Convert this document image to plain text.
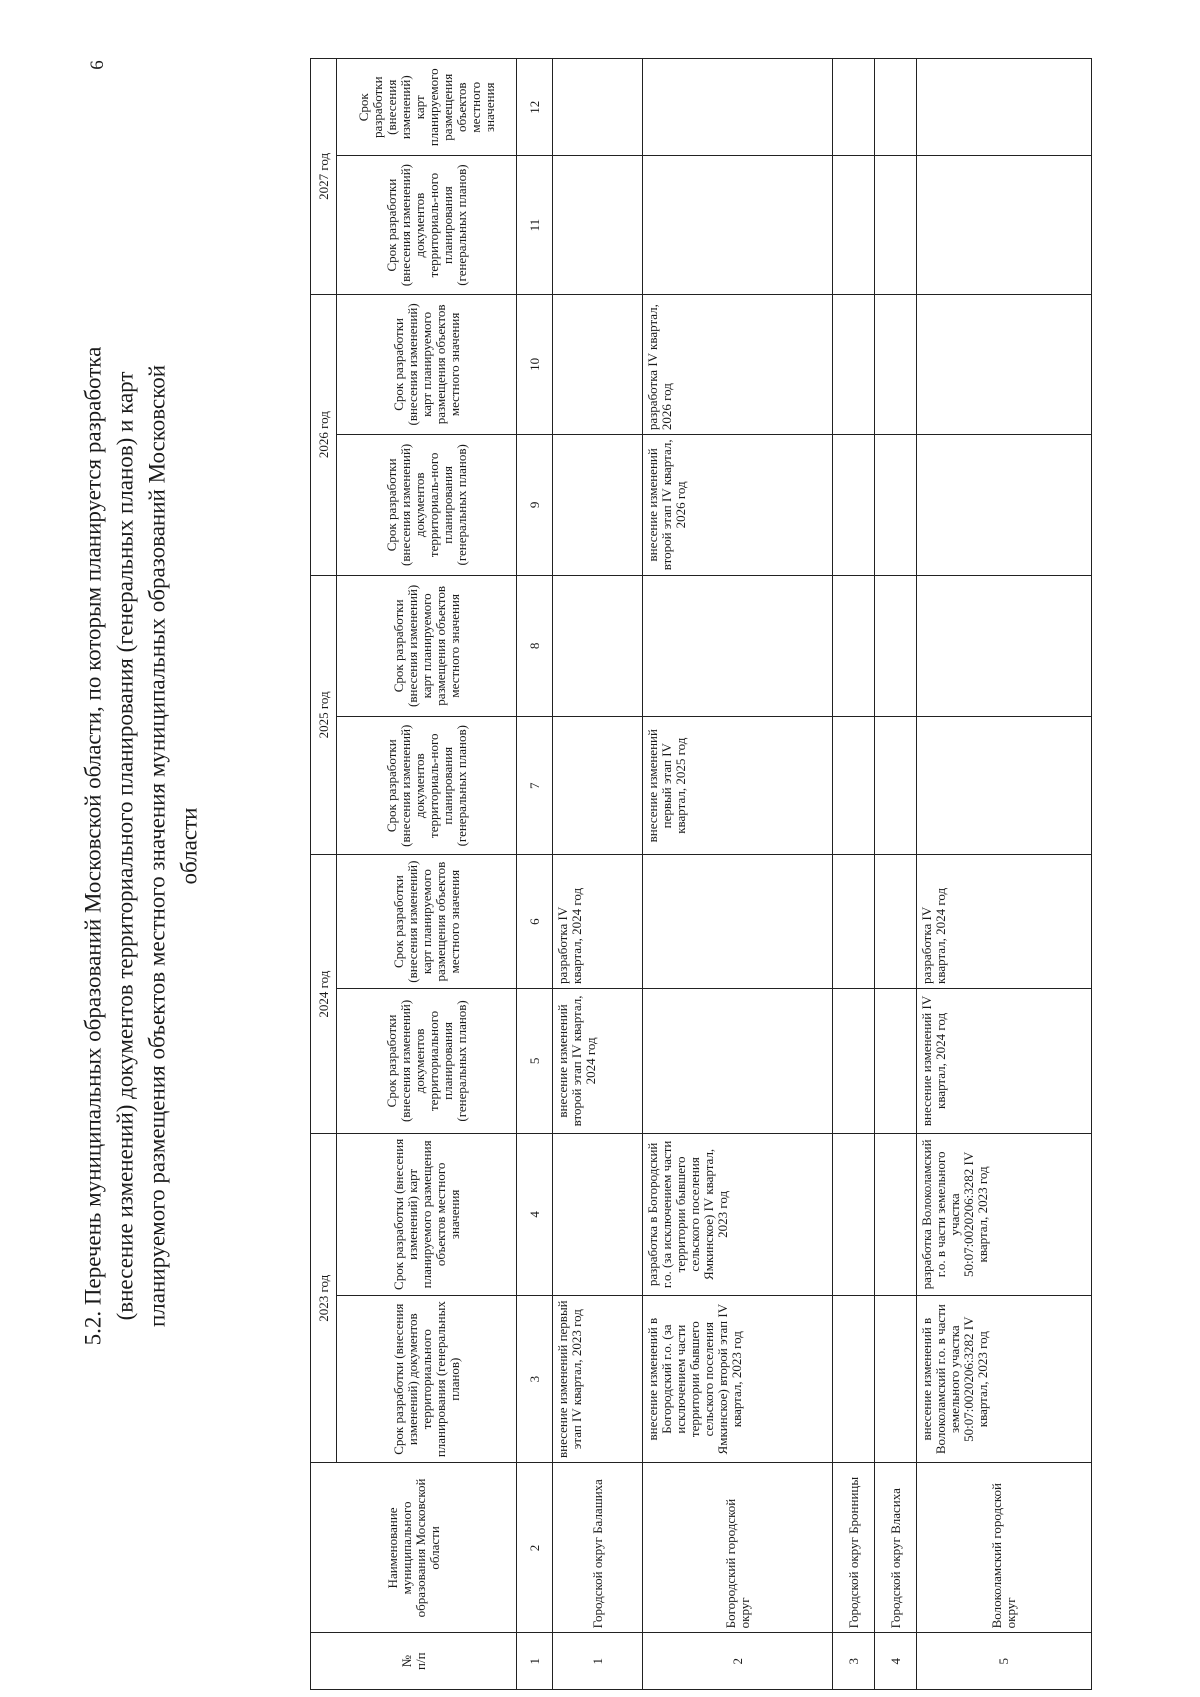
6
5.2. Перечень муниципальных образований Московской области, по которым планируется разработка (внесение изменений) документов территориального планирования (генеральных планов) и карт планируемого размещения объектов местного значения муниципальных образований Московской области
№
п/п	Наименование муниципального образования Московской области	2023 год		2024 год		2025 год		2026 год		2027 год	
		Срок разработки (внесения изменений) документов территориального планирования (генеральных планов)	Срок разработки (внесения изменений) карт планируемого размещения объектов местного значения	Срок разработки (внесения изменений) документов территориального планирования (генеральных планов)	Срок разработки (внесения изменений) карт планируемого размещения объектов местного значения	Срок разработки (внесения изменений) документов территориаль-ного планирования (генеральных планов)	Срок разработки (внесения изменений) карт планируемого размещения объектов местного значения	Срок разработки (внесения изменений) документов территориаль-ного планирования (генеральных планов)	Срок разработки (внесения изменений) карт планируемого размещения объектов местного значения	Срок разработки (внесения изменений) документов территориаль-ного планирования (генеральных планов)	Срок разработки (внесения изменений) карт планируемого размещения объектов местного значения
1	2	3	4	5	6	7	8	9	10	11	12
1	Городской округ Балашиха	внесение изменений первый этап IV квартал, 2023 год		внесение изменений второй этап IV квартал, 2024 год	разработка IV квартал, 2024 год						
2	Богородский городской округ	внесение изменений в Богородский г.о. (за исключением части территории бывшего сельского поселения Ямкинское) второй этап IV квартал, 2023 год	разработка в Богородский г.о. (за исключением части территории бывшего сельского поселения Ямкинское) IV квартал, 2023 год			внесение изменений первый этап IV квартал, 2025 год		внесение изменений второй этап IV квартал, 2026 год	разработка IV квартал, 2026 год		
3	Городской округ Бронницы										
4	Городской округ Власиха										
5	Волоколамский городской округ	внесение изменений в Волоколамский г.о. в части земельного участка 50:07:0020206:3282 IV квартал, 2023 год	разработка Волоколамский г.о. в части земельного участка 50:07:0020206:3282 IV квартал, 2023 год	внесение изменений IV квартал, 2024 год	разработка IV квартал, 2024 год						
